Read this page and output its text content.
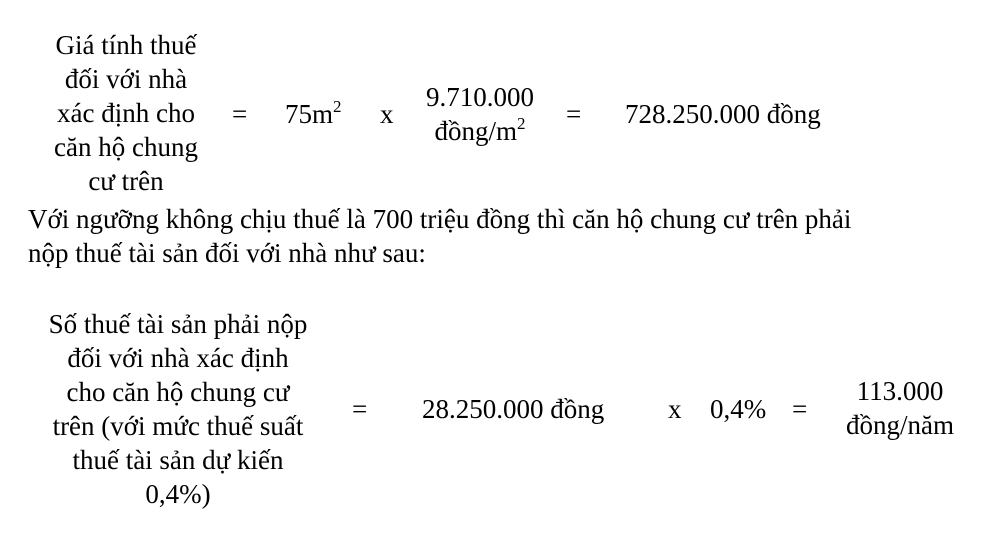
Giá tính thuế
đối với nhà
xác định cho
căn hộ chung
cư trên
= $75m^2$ x
9.710.000
đồng/$m^2$	= 728.250.000 đồng
Với ngưỡng không chịu thuế là 700 triệu đồng thì căn hộ chung cư trên phải
nộp thuế tài sản đối với nhà như sau:
Số thuế tài sản phải nộp
đối với nhà xác định
cho căn hộ chung cư
trên (với mức thuế suất
thuế tài sản dự kiến
0,4%)
= 28.250.000 đồng x 0,4% =
113.000
đồng/năm
